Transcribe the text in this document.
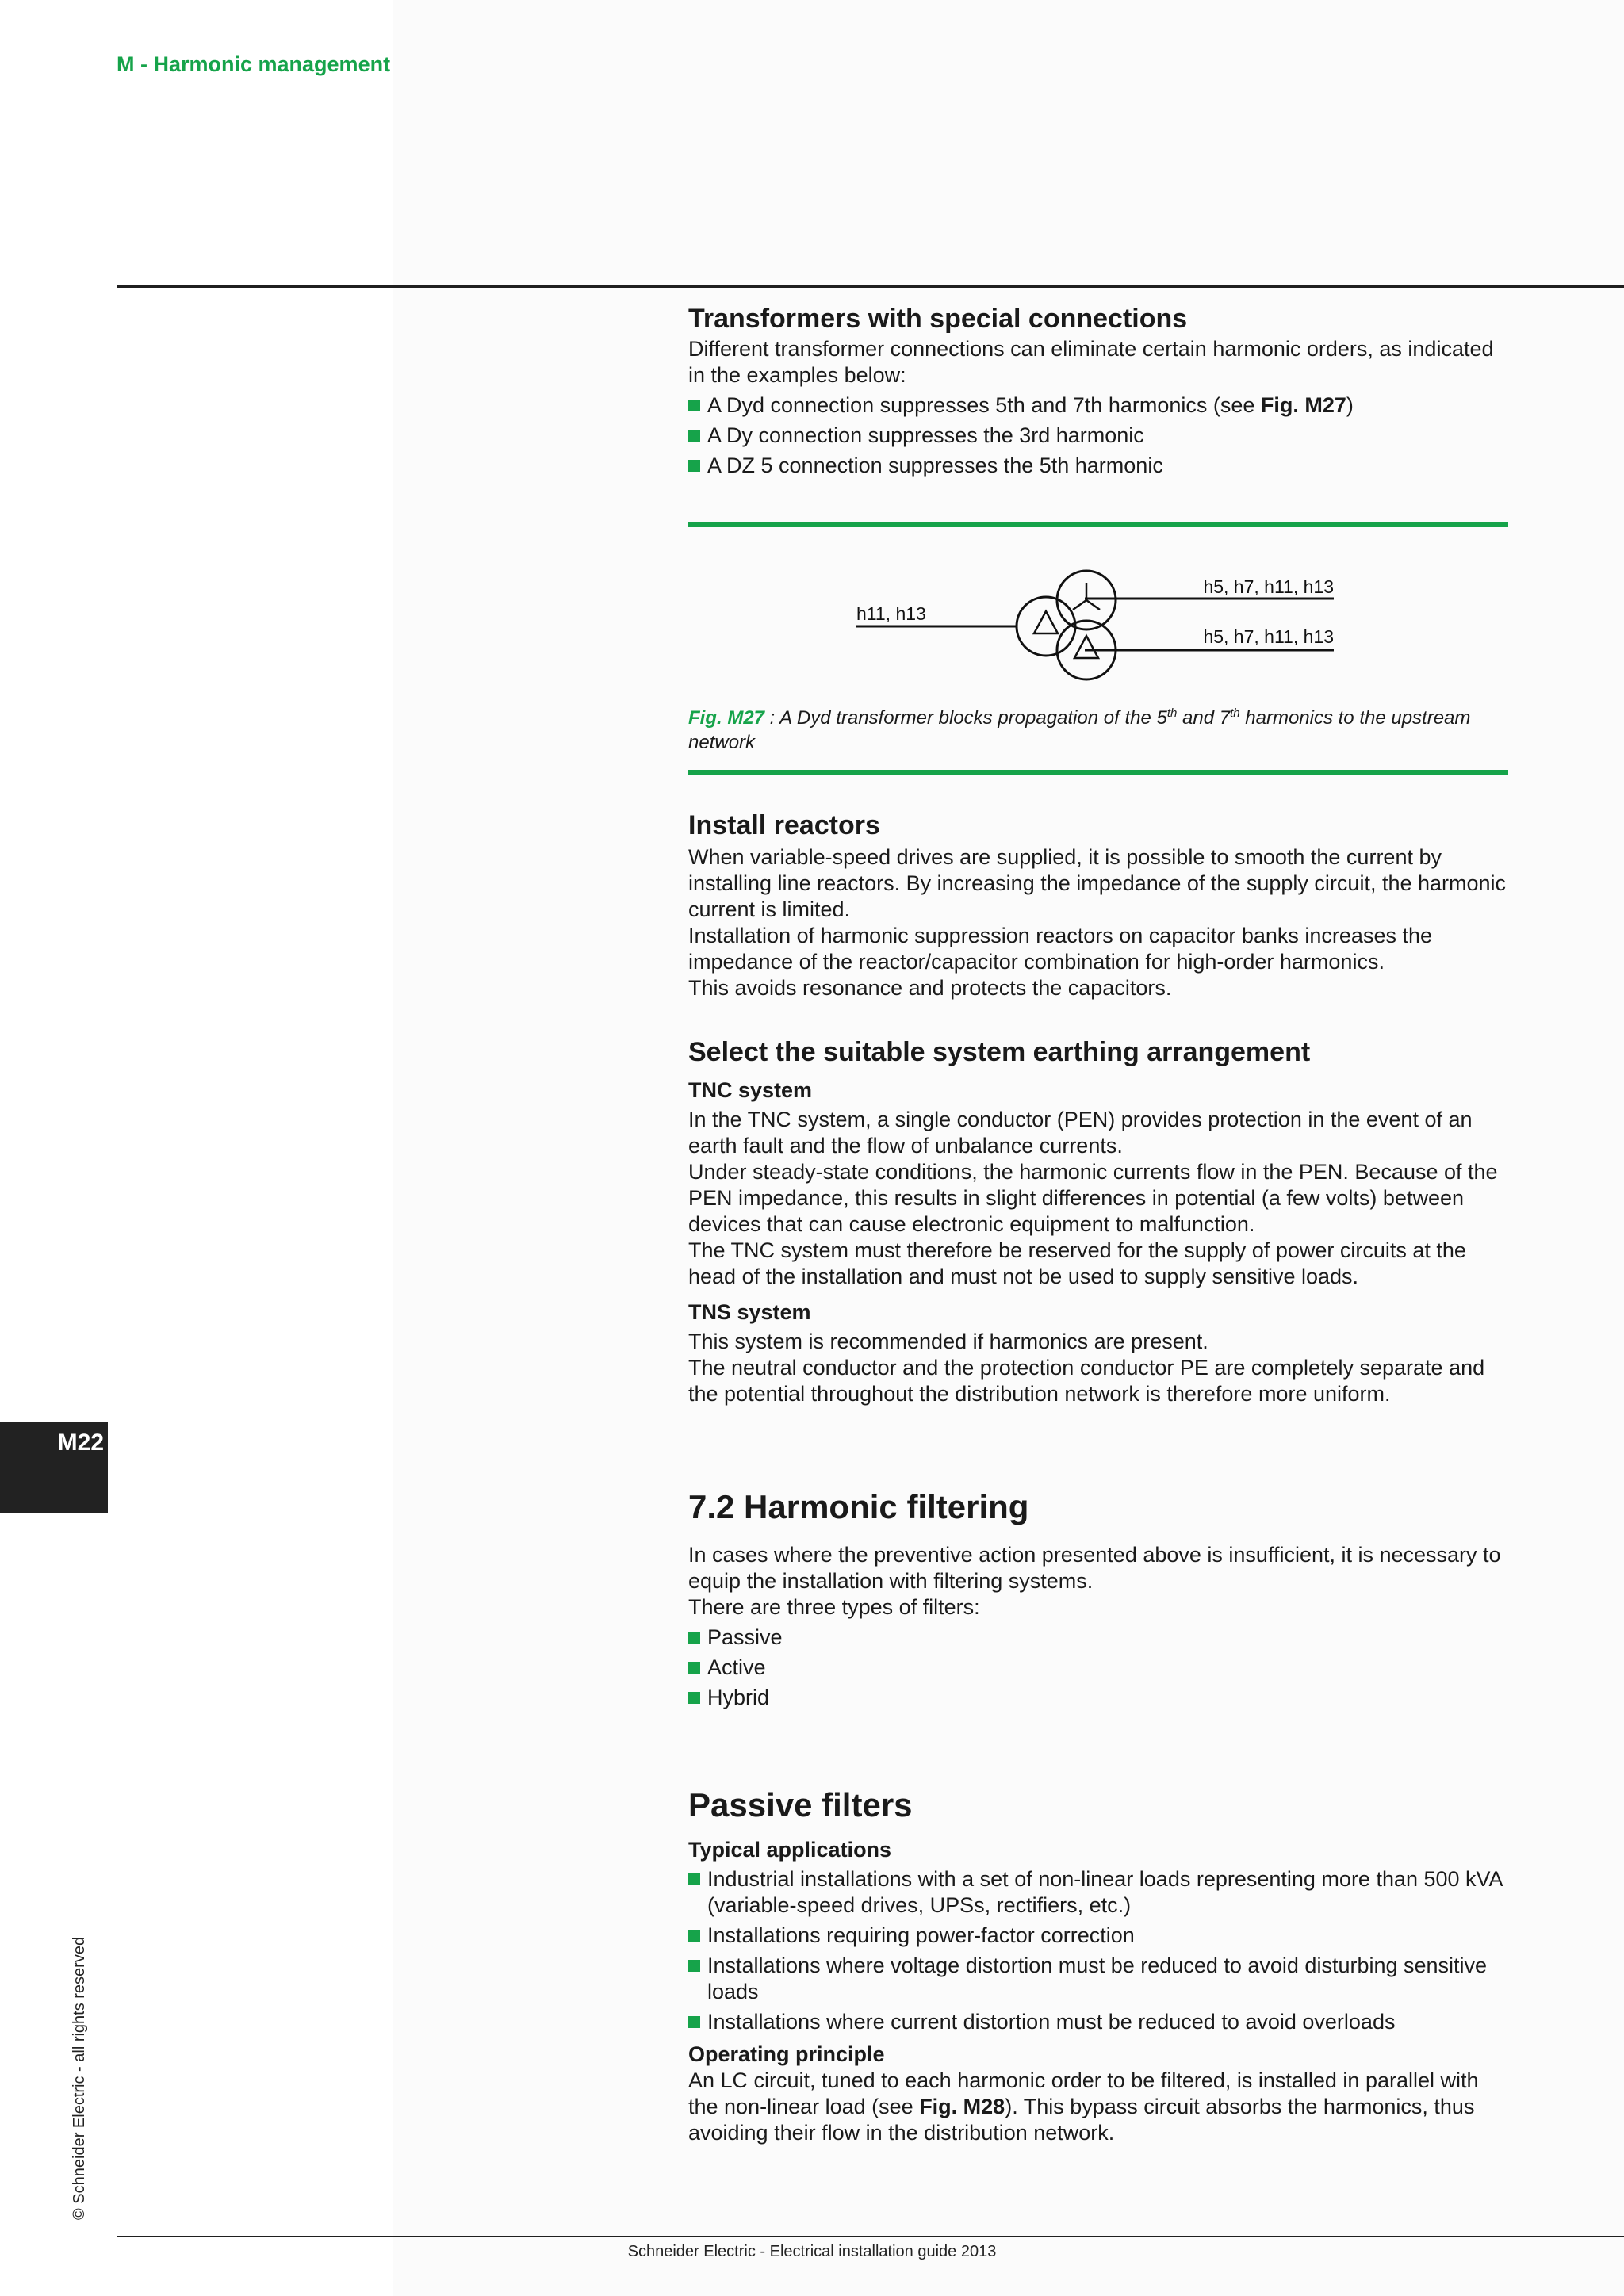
M - Harmonic management
M22
© Schneider Electric - all rights reserved
Transformers with special connections

Different transformer connections can eliminate certain harmonic orders, as indicated in the examples below:

A Dyd connection suppresses 5th and 7th harmonics (see Fig. M27)
A Dy connection suppresses the 3rd harmonic
A DZ 5 connection suppresses the 5th harmonic
h11, h13
h5, h7, h11, h13
h5, h7, h11, h13
Fig. M27 : A Dyd transformer blocks propagation of the 5th and 7th harmonics to the upstream network
Install reactors

When variable-speed drives are supplied, it is possible to smooth the current by installing line reactors. By increasing the impedance of the supply circuit, the harmonic current is limited.

Installation of harmonic suppression reactors on capacitor banks increases the impedance of the reactor/capacitor combination for high-order harmonics.

This avoids resonance and protects the capacitors.

Select the suitable system earthing arrangement
TNC system

In the TNC system, a single conductor (PEN) provides protection in the event of an earth fault and the flow of unbalance currents.

Under steady-state conditions, the harmonic currents flow in the PEN. Because of the PEN impedance, this results in slight differences in potential (a few volts) between devices that can cause electronic equipment to malfunction.

The TNC system must therefore be reserved for the supply of power circuits at the head of the installation and must not be used to supply sensitive loads.

TNS system

This system is recommended if harmonics are present.

The neutral conductor and the protection conductor PE are completely separate and the potential throughout the distribution network is therefore more uniform.

7.2 Harmonic filtering

In cases where the preventive action presented above is insufficient, it is necessary to equip the installation with filtering systems.

There are three types of filters:

Passive
Active
Hybrid
Passive filters
Typical applications
Industrial installations with a set of non-linear loads representing more than 500 kVA (variable-speed drives, UPSs, rectifiers, etc.)
Installations requiring power-factor correction
Installations where voltage distortion must be reduced to avoid disturbing sensitive loads
Installations where current distortion must be reduced to avoid overloads
Operating principle

An LC circuit, tuned to each harmonic order to be filtered, is installed in parallel with the non-linear load (see Fig. M28). This bypass circuit absorbs the harmonics, thus avoiding their flow in the distribution network.

Schneider Electric - Electrical installation guide 2013
